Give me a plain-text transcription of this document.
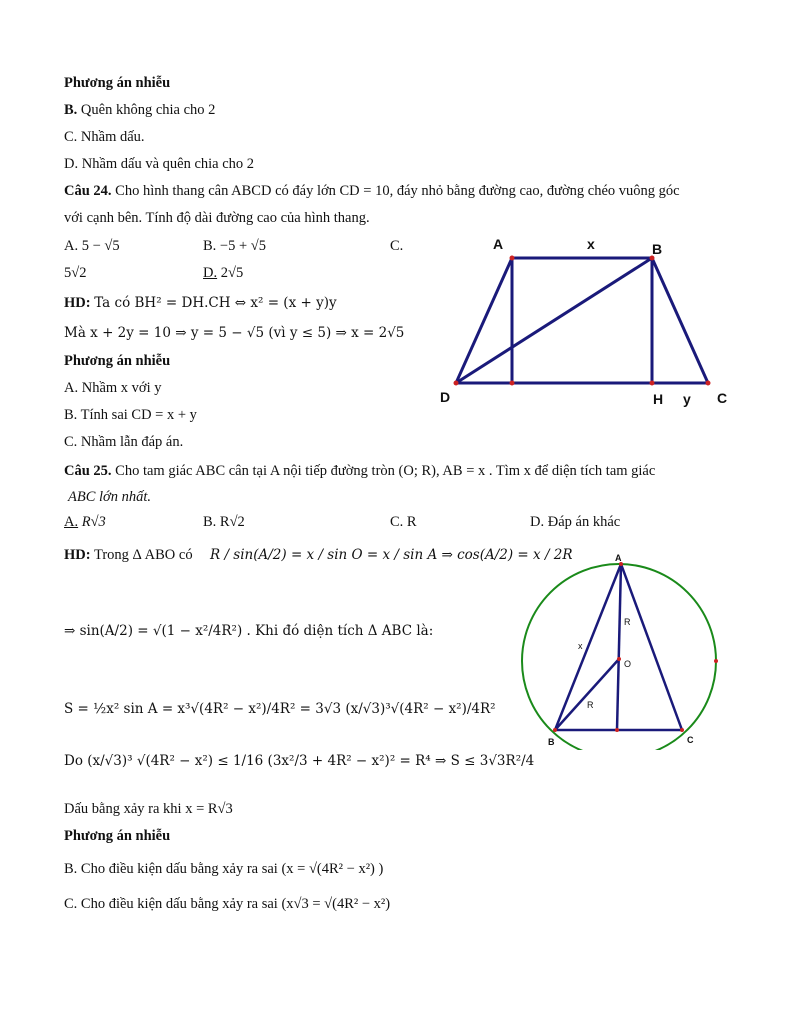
Phương án nhiễu
B. Quên không chia cho 2
C. Nhầm dấu.
D. Nhầm dấu và quên chia cho 2
Câu 24. Cho hình thang cân ABCD có đáy lớn CD = 10, đáy nhỏ bằng đường cao, đường chéo vuông góc
với cạnh bên. Tính độ dài đường cao của hình thang.
A. 5 − √5	B. −5 + √5	C.
5√2	D. 2√5
HD: Ta có BH² = DH.CH ⇔ x² = (x + y)y
Mà x + 2y = 10 ⇒ y = 5 − √5 (vì y ≤ 5) ⇒ x = 2√5
Phương án nhiễu
A. Nhầm x với y
B. Tính sai CD = x + y
C. Nhầm lẫn đáp án.
A	x	B
D	H y C
Câu 25. Cho tam giác ABC cân tại A nội tiếp đường tròn (O; R), AB = x . Tìm x để diện tích tam giác
ABC lớn nhất.
A. R√3	B. R√2	C. R	D. Đáp án khác
HD: Trong Δ ABO có R / sin(A/2) = x / sin O = x / sin A ⇒ cos(A/2) = x / 2R
⇒ sin(A/2) = √(1 − x²/4R²) . Khi đó diện tích Δ ABC là:
S = ½x² sin A = x³√(4R² − x²)/4R² = 3√3 (x/√3)³√(4R² − x²)/4R²
Do (x/√3)³ √(4R² − x²) ≤ 1/16 (3x²/3 + 4R² − x²)² = R⁴ ⇒ S ≤ 3√3R²/4
Dấu bằng xảy ra khi x = R√3
Phương án nhiễu
B. Cho điều kiện dấu bằng xảy ra sai (x = √(4R² − x²) )
C. Cho điều kiện dấu bằng xảy ra sai (x√3 = √(4R² − x²)
A
B	C
O
R
R
x
